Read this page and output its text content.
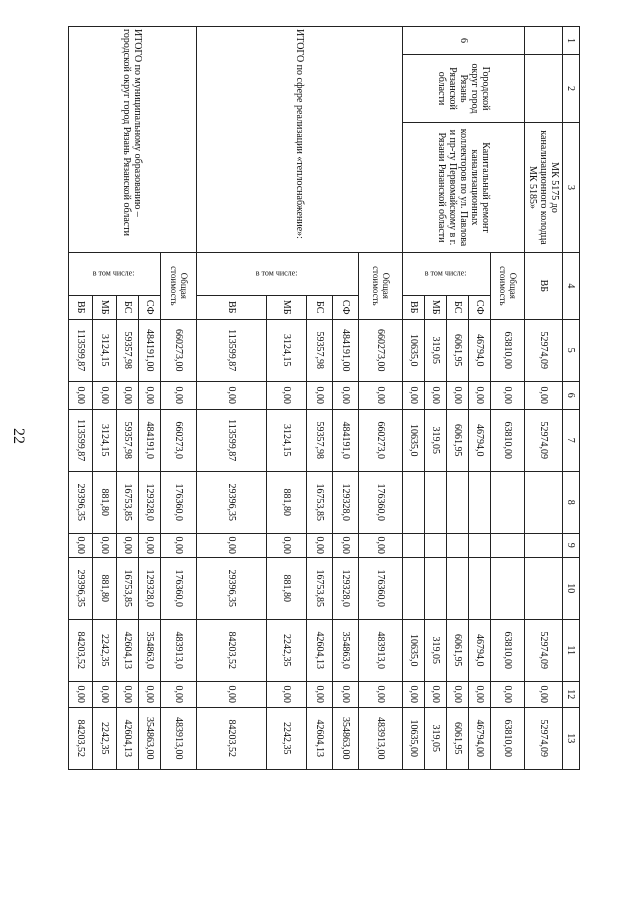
22
1	2	3	4		5	6	7	8	9	10	11	12	13
		МК 5175 до канализационного колодца МК 5185»	ВБ		52974,09	0,00	52974,09				52974,09	0,00	52974,09
6	Городской округ город Рязань Рязанской области	Капитальный ремонт канализационных коллекторов по ул. Павлова и пр-ту Первомайскому в г. Рязани Рязанской области	Общая стоимость		63810,00	0,00	63810,00				63810,00	0,00	63810,00
			в том числе:	СФ	46794,0	0,00	46794,0				46794,0	0,00	46794,00
				БС	6061,95	0,00	6061,95				6061,95	0,00	6061,95
				МБ	319,05	0,00	319,05				319,05	0,00	319,05
				ВБ	10635,0	0,00	10635,0				10635,0	0,00	10635,00
ИТОГО по сфере реализации «теплоснабжение»:			Общая стоимость		660273,00	0,00	660273,0	176360,0	0,00	176360,0	483913,0	0,00	483913,00
			в том числе:	СФ	484191,00	0,00	484191,0	129328,0	0,00	129328,0	354863,0	0,00	354863,00
				БС	59357,98	0,00	59357,98	16753,85	0,00	16753,85	42604,13	0,00	42604,13
				МБ	3124,15	0,00	3124,15	881,80	0,00	881,80	2242,35	0,00	2242,35
				ВБ	113599,87	0,00	113599,87	29396,35	0,00	29396,35	84203,52	0,00	84203,52
ИТОГО по муниципальному образованию – городской округ город Рязань Рязанской области			Общая стоимость		660273,00	0,00	660273,0	176360,0	0,00	176360,0	483913,0	0,00	483913,00
			в том числе:	СФ	484191,00	0,00	484191,0	129328,0	0,00	129328,0	354863,0	0,00	354863,00
				БС	59357,98	0,00	59357,98	16753,85	0,00	16753,85	42604,13	0,00	42604,13
				МБ	3124,15	0,00	3124,15	881,80	0,00	881,80	2242,35	0,00	2242,35
				ВБ	113599,87	0,00	113599,87	29396,35	0,00	29396,35	84203,52	0,00	84203,52
